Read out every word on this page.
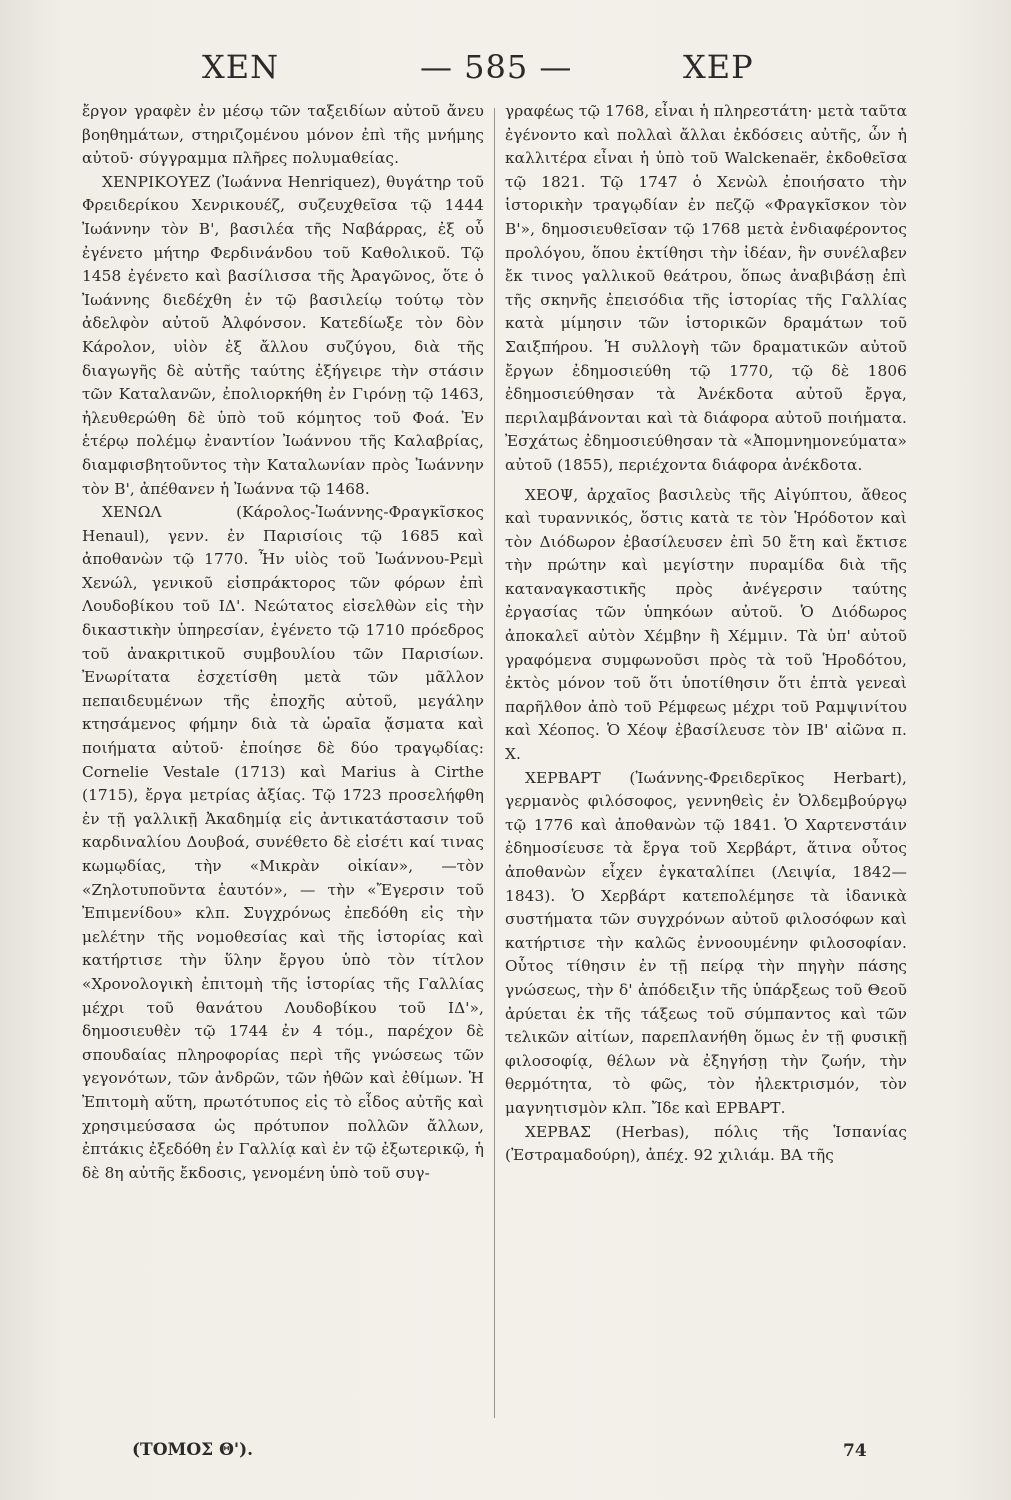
ΧΕΝ	— 585 —	ΧΕΡ

ἔργον γραφὲν ἐν μέσῳ τῶν ταξειδίων αὐτοῦ ἄνευ βοηθημάτων, στηριζομένου μόνον ἐπὶ τῆς μνήμης αὐτοῦ· σύγγραμμα πλῆρες πολυμαθείας.

ΧΕΝΡΙΚΟΥΕΖ (Ἰωάννα Henriquez), θυγάτηρ τοῦ Φρειδερίκου Χενρικουέζ, συζευχθεῖσα τῷ 1444 Ἰωάννην τὸν Β', βασιλέα τῆς Ναβάρρας, ἐξ οὗ ἐγένετο μήτηρ Φερδινάνδου τοῦ Καθολικοῦ. Τῷ 1458 ἐγένετο καὶ βασίλισσα τῆς Ἀραγῶνος, ὅτε ὁ Ἰωάννης διεδέχθη ἐν τῷ βασιλείῳ τούτῳ τὸν ἀδελφὸν αὐτοῦ Ἀλφόνσον. Κατεδίωξε τὸν δὸν Κάρολον, υἱὸν ἐξ ἄλλου συζύγου, διὰ τῆς διαγωγῆς δὲ αὐτῆς ταύτης ἐξήγειρε τὴν στάσιν τῶν Καταλανῶν, ἐπολιορκήθη ἐν Γιρόνῃ τῷ 1463, ἠλευθερώθη δὲ ὑπὸ τοῦ κόμητος τοῦ Φοά. Ἐν ἑτέρῳ πολέμῳ ἐναντίον Ἰωάννου τῆς Καλαβρίας, διαμφισβητοῦντος τὴν Καταλωνίαν πρὸς Ἰωάννην τὸν Β', ἀπέθανεν ἡ Ἰωάννα τῷ 1468.

ΧΕΝΩΛ (Κάρολος-Ἰωάννης-Φραγκῖσκος Henaul), γενν. ἐν Παρισίοις τῷ 1685 καὶ ἀποθανὼν τῷ 1770. Ἦν υἱὸς τοῦ Ἰωάννου-Ρεμὶ Χενώλ, γενικοῦ εἰσπράκτορος τῶν φόρων ἐπὶ Λουδοβίκου τοῦ ΙΔ'. Νεώτατος εἰσελθὼν εἰς τὴν δικαστικὴν ὑπηρεσίαν, ἐγένετο τῷ 1710 πρόεδρος τοῦ ἀνακριτικοῦ συμβουλίου τῶν Παρισίων. Ἐνωρίτατα ἐσχετίσθη μετὰ τῶν μᾶλλον πεπαιδευμένων τῆς ἐποχῆς αὐτοῦ, μεγάλην κτησάμενος φήμην διὰ τὰ ὡραῖα ᾄσματα καὶ ποιήματα αὐτοῦ· ἐποίησε δὲ δύο τραγῳδίας: Cornelie Vestale (1713) καὶ Marius à Cirthe (1715), ἔργα μετρίας ἀξίας. Τῷ 1723 προσελήφθη ἐν τῇ γαλλικῇ Ἀκαδημίᾳ εἰς ἀντικατάστασιν τοῦ καρδιναλίου Δουβοά, συνέθετο δὲ εἰσέτι καί τινας κωμῳδίας, τὴν «Μικρὰν οἰκίαν», —τὸν «Ζηλοτυποῦντα ἑαυτόν», — τὴν «Ἔγερσιν τοῦ Ἐπιμενίδου» κλπ. Συγχρόνως ἐπεδόθη εἰς τὴν μελέτην τῆς νομοθεσίας καὶ τῆς ἱστορίας καὶ κατήρτισε τὴν ὕλην ἔργου ὑπὸ τὸν τίτλον «Χρονολογικὴ ἐπιτομὴ τῆς ἱστορίας τῆς Γαλλίας μέχρι τοῦ θανάτου Λουδοβίκου τοῦ ΙΔ'», δημοσιευθὲν τῷ 1744 ἐν 4 τόμ., παρέχον δὲ σπουδαίας πληροφορίας περὶ τῆς γνώσεως τῶν γεγονότων, τῶν ἀνδρῶν, τῶν ἠθῶν καὶ ἐθίμων. Ἡ Ἐπιτομὴ αὕτη, πρωτότυπος εἰς τὸ εἶδος αὐτῆς καὶ χρησιμεύσασα ὡς πρότυπον πολλῶν ἄλλων, ἐπτάκις ἐξεδόθη ἐν Γαλλίᾳ καὶ ἐν τῷ ἐξωτερικῷ, ἡ δὲ 8η αὐτῆς ἔκδοσις, γενομένη ὑπὸ τοῦ συγ-

γραφέως τῷ 1768, εἶναι ἡ πληρεστάτη· μετὰ ταῦτα ἐγένοντο καὶ πολλαὶ ἄλλαι ἐκδόσεις αὐτῆς, ὧν ἡ καλλιτέρα εἶναι ἡ ὑπὸ τοῦ Walckenaër, ἐκδοθεῖσα τῷ 1821. Τῷ 1747 ὁ Χενὼλ ἐποιήσατο τὴν ἱστορικὴν τραγῳδίαν ἐν πεζῷ «Φραγκῖσκον τὸν Β'», δημοσιευθεῖσαν τῷ 1768 μετὰ ἐνδιαφέροντος προλόγου, ὅπου ἐκτίθησι τὴν ἰδέαν, ἣν συνέλαβεν ἔκ τινος γαλλικοῦ θεάτρου, ὅπως ἀναβιβάσῃ ἐπὶ τῆς σκηνῆς ἐπεισόδια τῆς ἱστορίας τῆς Γαλλίας κατὰ μίμησιν τῶν ἱστορικῶν δραμάτων τοῦ Σαιξπήρου. Ἡ συλλογὴ τῶν δραματικῶν αὐτοῦ ἔργων ἐδημοσιεύθη τῷ 1770, τῷ δὲ 1806 ἐδημοσιεύθησαν τὰ Ἀνέκδοτα αὐτοῦ ἔργα, περιλαμβάνονται καὶ τὰ διάφορα αὐτοῦ ποιήματα. Ἐσχάτως ἐδημοσιεύθησαν τὰ «Ἀπομνημονεύματα» αὐτοῦ (1855), περιέχοντα διάφορα ἀνέκδοτα.

ΧΕΟΨ, ἀρχαῖος βασιλεὺς τῆς Αἰγύπτου, ἄθεος καὶ τυραννικός, ὅστις κατὰ τε τὸν Ἡρόδοτον καὶ τὸν Διόδωρον ἐβασίλευσεν ἐπὶ 50 ἔτη καὶ ἔκτισε τὴν πρώτην καὶ μεγίστην πυραμίδα διὰ τῆς καταναγκαστικῆς πρὸς ἀνέγερσιν ταύτης ἐργασίας τῶν ὑπηκόων αὐτοῦ. Ὁ Διόδωρος ἀποκαλεῖ αὐτὸν Χέμβην ἢ Χέμμιν. Τὰ ὑπ' αὐτοῦ γραφόμενα συμφωνοῦσι πρὸς τὰ τοῦ Ἡροδότου, ἐκτὸς μόνον τοῦ ὅτι ὑποτίθησιν ὅτι ἑπτὰ γενεαὶ παρῆλθον ἀπὸ τοῦ Ρέμφεως μέχρι τοῦ Ραμψινίτου καὶ Χέοπος. Ὁ Χέοψ ἐβασίλευσε τὸν ΙΒ' αἰῶνα π. Χ.

ΧΕΡΒΑΡΤ (Ἰωάννης-Φρειδερῖκος Herbart), γερμανὸς φιλόσοφος, γεννηθεὶς ἐν Ὀλδεμβούργῳ τῷ 1776 καὶ ἀποθανὼν τῷ 1841. Ὁ Χαρτενστάιν ἐδημοσίευσε τὰ ἔργα τοῦ Χερβάρτ, ἅτινα οὗτος ἀποθανὼν εἶχεν ἐγκαταλίπει (Λειψία, 1842—1843). Ὁ Χερβάρτ κατεπολέμησε τὰ ἰδανικὰ συστήματα τῶν συγχρόνων αὐτοῦ φιλοσόφων καὶ κατήρτισε τὴν καλῶς ἐννοουμένην φιλοσοφίαν. Οὗτος τίθησιν ἐν τῇ πείρᾳ τὴν πηγὴν πάσης γνώσεως, τὴν δ' ἀπόδειξιν τῆς ὑπάρξεως τοῦ Θεοῦ ἀρύεται ἐκ τῆς τάξεως τοῦ σύμπαντος καὶ τῶν τελικῶν αἰτίων, παρεπλανήθη ὅμως ἐν τῇ φυσικῇ φιλοσοφίᾳ, θέλων νὰ ἐξηγήσῃ τὴν ζωήν, τὴν θερμότητα, τὸ φῶς, τὸν ἠλεκτρισμόν, τὸν μαγνητισμὸν κλπ. Ἴδε καὶ ΕΡΒΑΡΤ.

ΧΕΡΒΑΣ (Herbas), πόλις τῆς Ἱσπανίας (Ἐστραμαδούρη), ἀπέχ. 92 χιλιάμ. ΒΑ τῆς

(ΤΟΜΟΣ Θ').	74
